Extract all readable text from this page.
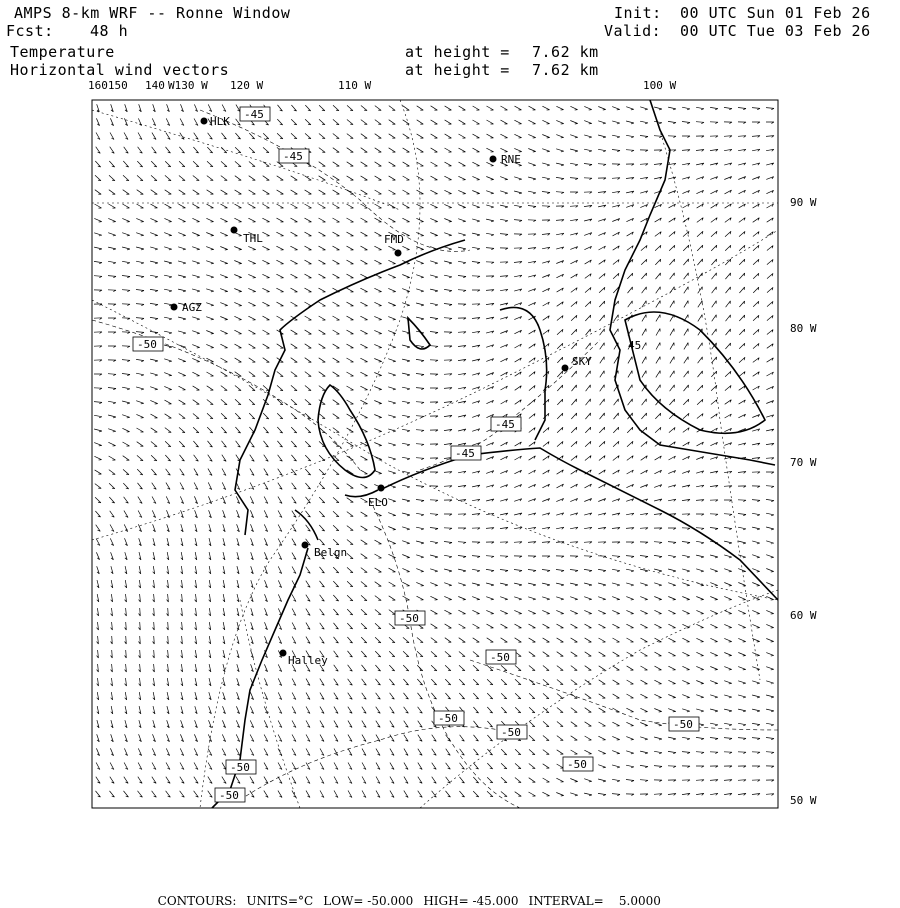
AMPS 8-km WRF -- Ronne Window
Fcst: 48 h
Temperature
Horizontal wind vectors
at height = 7.62 km
at height = 7.62 km
Init: 00 UTC Sun 01 Feb 26
Valid: 00 UTC Tue 03 Feb 26
160150 140 W130 W 120 W	110 W	100 W
90 W
80 W
70 W
60 W
50 W
HLK
RNE
THL	FMD
AGZ
SKY
Belgn
Halley
ELO
-45
-45
-50
-45
-45
-50
-50
-50
-50
-50
-50
-50
-50
45

CONTOURS: UNITS=°C LOW= -50.000 HIGH= -45.000 INTERVAL=    5.0000
